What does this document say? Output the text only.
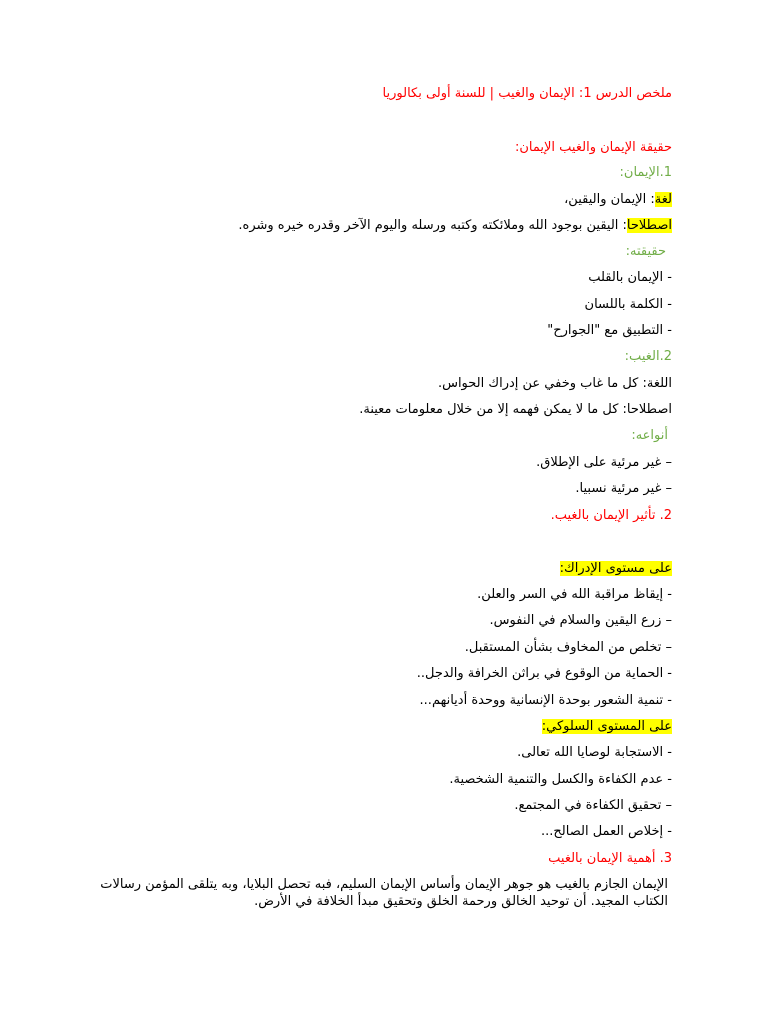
ملخص الدرس 1: الإيمان والغيب | للسنة أولى بكالوريا
حقيقة الإيمان والغيب الإيمان:
1.الإيمان:
لغة: الإيمان واليقين،
اصطلاحا: اليقين بوجود الله وملائكته وكتبه ورسله واليوم الآخر وقدره خيره وشره.
حقيقته:
- الإيمان بالقلب
- الكلمة باللسان
- التطبيق مع "الجوارح"
2.الغيب:
اللغة: كل ما غاب وخفي عن إدراك الحواس.
اصطلاحا: كل ما لا يمكن فهمه إلا من خلال معلومات معينة.
أنواعه:
– غير مرئية على الإطلاق.
– غير مرئية نسبيا.
2. تأثير الإيمان بالغيب.
على مستوى الإدراك:
- إيقاظ مراقبة الله في السر والعلن.
– زرع اليقين والسلام في النفوس.
– تخلص من المخاوف بشأن المستقبل.
- الحماية من الوقوع في براثن الخرافة والدجل..
- تنمية الشعور بوحدة الإنسانية ووحدة أديانهم...
على المستوى السلوكي:
- الاستجابة لوصايا الله تعالى.
- عدم الكفاءة والكسل والتنمية الشخصية.
– تحقيق الكفاءة في المجتمع.
- إخلاص العمل الصالح...
3. أهمية الإيمان بالغيب
الإيمان الجازم بالغيب هو جوهر الإيمان وأساس الإيمان السليم، فبه تحصل البلايا، وبه يتلقى المؤمن رسالات الكتاب المجيد. أن توحيد الخالق ورحمة الخلق وتحقيق مبدأ الخلافة في الأرض.
